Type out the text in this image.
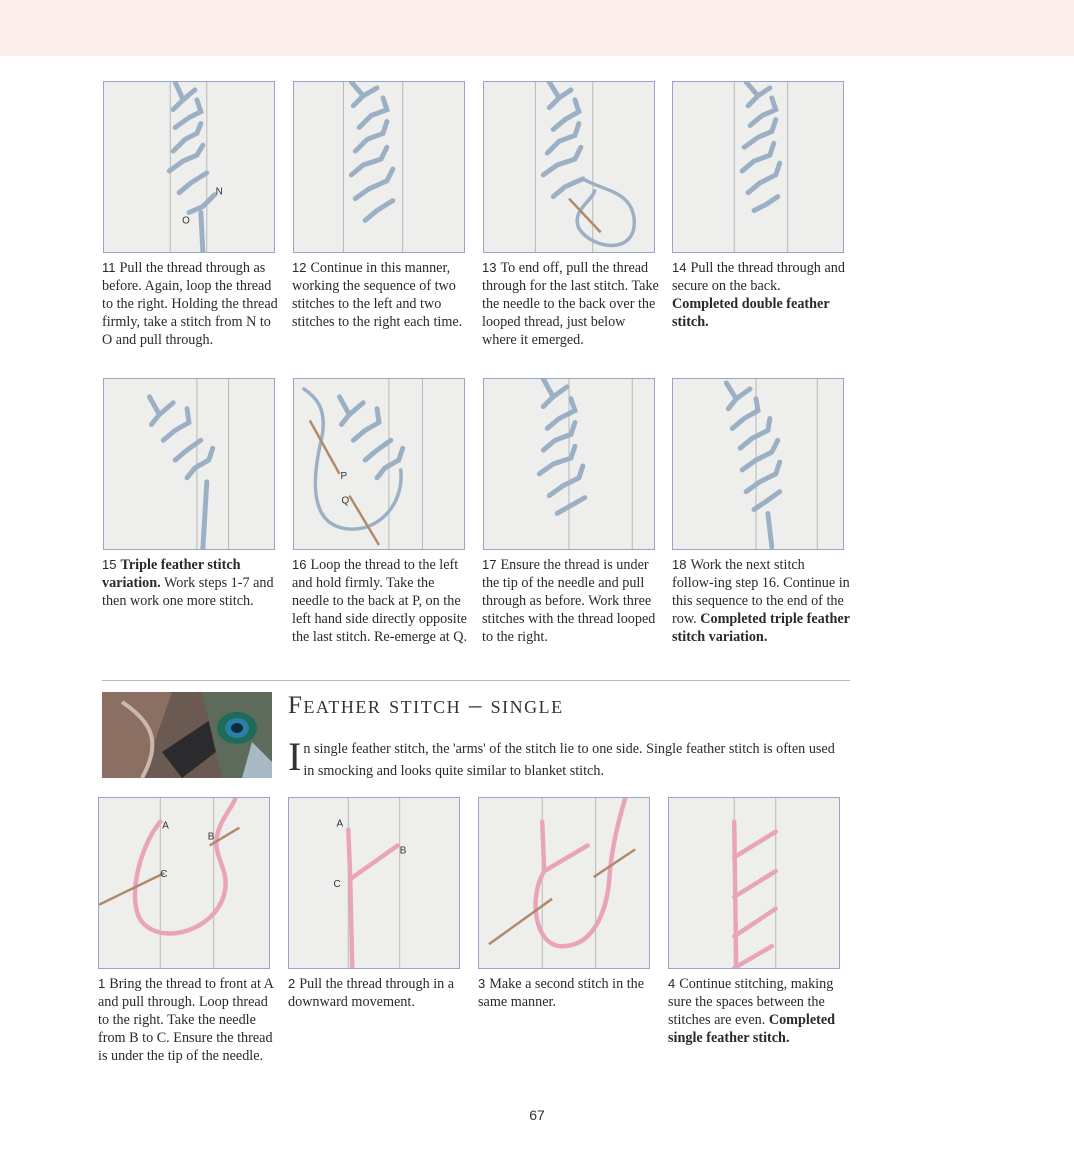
N
O
11 Pull the thread through as before. Again, loop the thread to the right. Holding the thread firmly, take a stitch from N to O and pull through.
12 Continue in this manner, working the sequence of two stitches to the left and two stitches to the right each time.
13 To end off, pull the thread through for the last stitch. Take the needle to the back over the looped thread, just below where it emerged.
14 Pull the thread through and secure on the back. Completed double feather stitch.
P
Q
15 Triple feather stitch variation. Work steps 1-7 and then work one more stitch.
16 Loop the thread to the left and hold firmly. Take the needle to the back at P, on the left hand side directly opposite the last stitch. Re-emerge at Q.
17 Ensure the thread is under the tip of the needle and pull through as before. Work three stitches with the thread looped to the right.
18 Work the next stitch follow-ing step 16. Continue in this sequence to the end of the row. Completed triple feather stitch variation.
Feather stitch – single
In single feather stitch, the 'arms' of the stitch lie to one side. Single feather stitch is often used in smocking and looks quite similar to blanket stitch.
A
B
C
A
B
C
1 Bring the thread to front at A and pull through. Loop thread to the right. Take the needle from B to C. Ensure the thread is under the tip of the needle.
2 Pull the thread through in a downward movement.
3 Make a second stitch in the same manner.
4 Continue stitching, making sure the spaces between the stitches are even. Completed single feather stitch.
67
